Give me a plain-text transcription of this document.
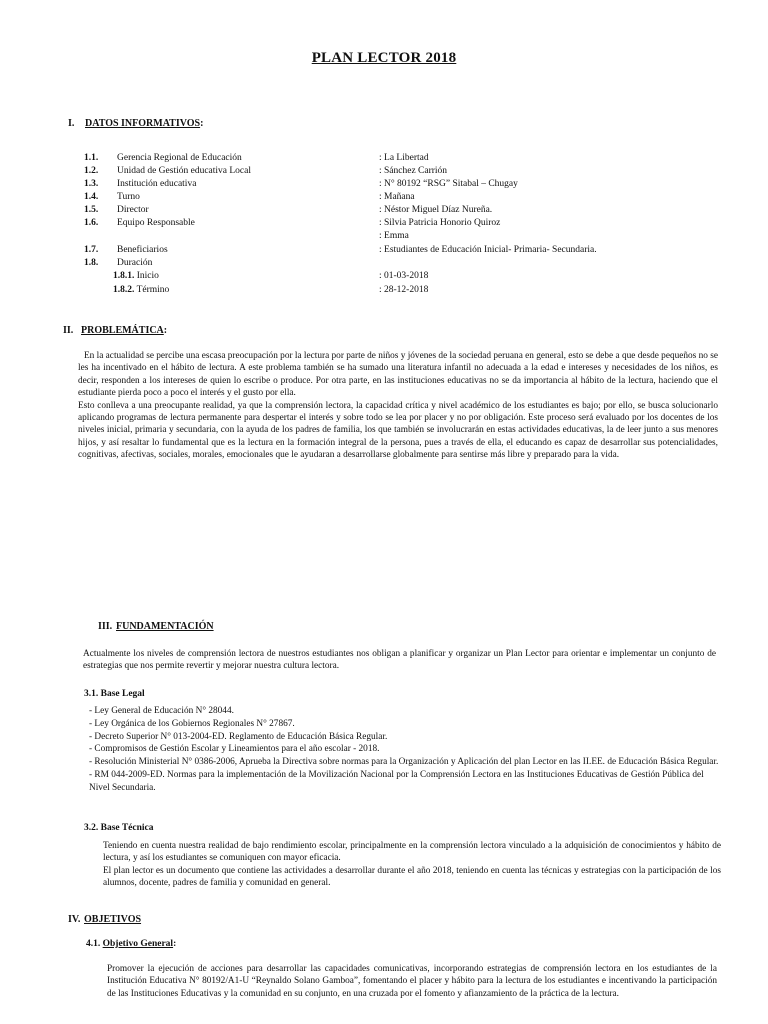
PLAN LECTOR 2018
I. DATOS INFORMATIVOS:
1.1. Gerencia Regional de Educación	: La Libertad
1.2. Unidad de Gestión educativa Local	: Sánchez Carrión
1.3. Institución educativa	: N° 80192 “RSG” Sitabal – Chugay
1.4. Turno	: Mañana
1.5. Director	: Néstor Miguel Díaz Nureña.
1.6. Equipo Responsable	: Silvia Patricia Honorio Quiroz
: Emma
1.7. Beneficiarios	: Estudiantes de Educación Inicial- Primaria- Secundaria.
1.8. Duración
1.8.1. Inicio	: 01-03-2018
1.8.2. Término	: 28-12-2018
II. PROBLEMÁTICA:

En la actualidad se percibe una escasa preocupación por la lectura por parte de niños y jóvenes de la sociedad peruana en general, esto se debe a que desde pequeños no se les ha incentivado en el hábito de lectura. A este problema también se ha sumado una literatura infantil no adecuada a la edad e intereses y necesidades de los niños, es decir, responden a los intereses de quien lo escribe o produce. Por otra parte, en las instituciones educativas no se da importancia al hábito de la lectura, haciendo que el estudiante pierda poco a poco el interés y el gusto por ella.

Esto conlleva a una preocupante realidad, ya que la comprensión lectora, la capacidad crítica y nivel académico de los estudiantes es bajo; por ello, se busca solucionarlo aplicando programas de lectura permanente para despertar el interés y sobre todo se lea por placer y no por obligación. Este proceso será evaluado por los docentes de los niveles inicial, primaria y secundaria, con la ayuda de los padres de familia, los que también se involucrarán en estas actividades educativas, la de leer junto a sus menores hijos, y así resaltar lo fundamental que es la lectura en la formación integral de la persona, pues a través de ella, el educando es capaz de desarrollar sus potencialidades, cognitivas, afectivas, sociales, morales, emocionales que le ayudaran a desarrollarse globalmente para sentirse más libre y preparado para la vida.

III. FUNDAMENTACIÓN

Actualmente los niveles de comprensión lectora de nuestros estudiantes nos obligan a planificar y organizar un Plan Lector para orientar e implementar un conjunto de estrategias que nos permite revertir y mejorar nuestra cultura lectora.

3.1. Base Legal
- Ley General de Educación N° 28044.
- Ley Orgánica de los Gobiernos Regionales N° 27867.
- Decreto Superior N° 013-2004-ED. Reglamento de Educación Básica Regular.
- Compromisos de Gestión Escolar y Lineamientos para el año escolar - 2018.
- Resolución Ministerial N° 0386-2006, Aprueba la Directiva sobre normas para la Organización y Aplicación del plan Lector en las II.EE. de Educación Básica Regular.
- RM 044-2009-ED. Normas para la implementación de la Movilización Nacional por la Comprensión Lectora en las Instituciones Educativas de Gestión Pública del Nivel Secundaria.
3.2. Base Técnica

Teniendo en cuenta nuestra realidad de bajo rendimiento escolar, principalmente en la comprensión lectora vinculado a la adquisición de conocimientos y hábito de lectura, y así los estudiantes se comuniquen con mayor eficacia.

El plan lector es un documento que contiene las actividades a desarrollar durante el año 2018, teniendo en cuenta las técnicas y estrategias con la participación de los alumnos, docente, padres de familia y comunidad en general.

IV. OBJETIVOS
4.1. Objetivo General:

Promover la ejecución de acciones para desarrollar las capacidades comunicativas, incorporando estrategias de comprensión lectora en los estudiantes de la Institución Educativa N° 80192/A1-U “Reynaldo Solano Gamboa”, fomentando el placer y hábito para la lectura de los estudiantes e incentivando la participación de las Instituciones Educativas y la comunidad en su conjunto, en una cruzada por el fomento y afianzamiento de la práctica de la lectura.
